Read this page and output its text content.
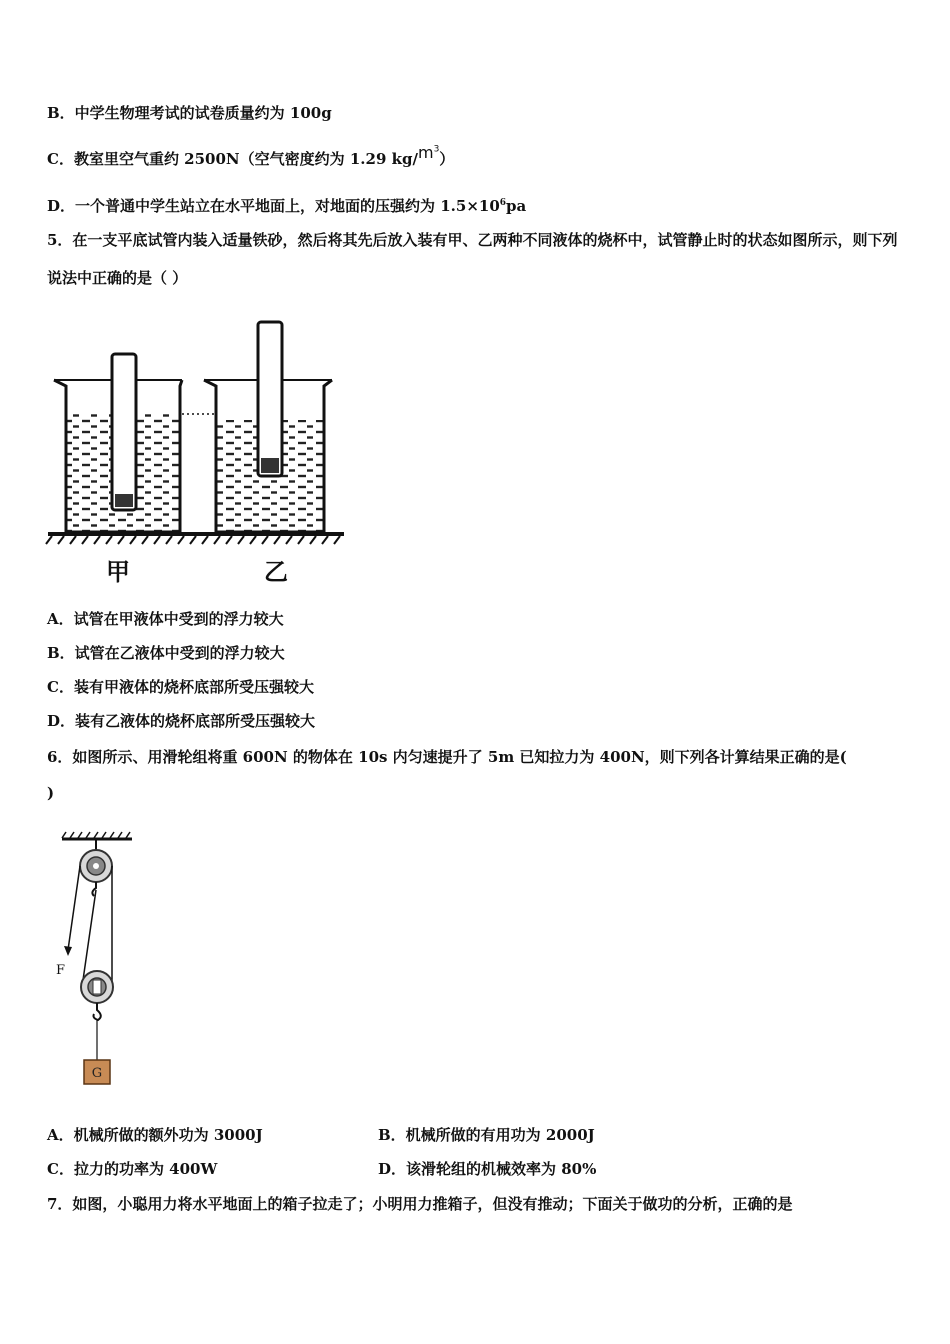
B．中学生物理考试的试卷质量约为 100g
C．教室里空气重约 2500N（空气密度约为 1.29 $kg/m^3$）
D．一个普通中学生站立在水平地面上，对地面的压强约为 $1.5\times 10^6pa$
5．在一支平底试管内装入适量铁砂，然后将其先后放入装有甲、乙两种不同液体的烧杯中，试管静止时的状态如图所示，则下列说法中正确的是（ ）
甲	乙
A．试管在甲液体中受到的浮力较大
B．试管在乙液体中受到的浮力较大
C．装有甲液体的烧杯底部所受压强较大
D．装有乙液体的烧杯底部所受压强较大
6．如图所示、用滑轮组将重 600N 的物体在 10s 内匀速提升了 5m 已知拉力为 400N，则下列各计算结果正确的是(
)
F
G
A．机械所做的额外功为 3000J	B．机械所做的有用功为 2000J
C．拉力的功率为 400W	D．该滑轮组的机械效率为 80%
7．如图，小聪用力将水平地面上的箱子拉走了；小明用力推箱子，但没有推动；下面关于做功的分析，正确的是
